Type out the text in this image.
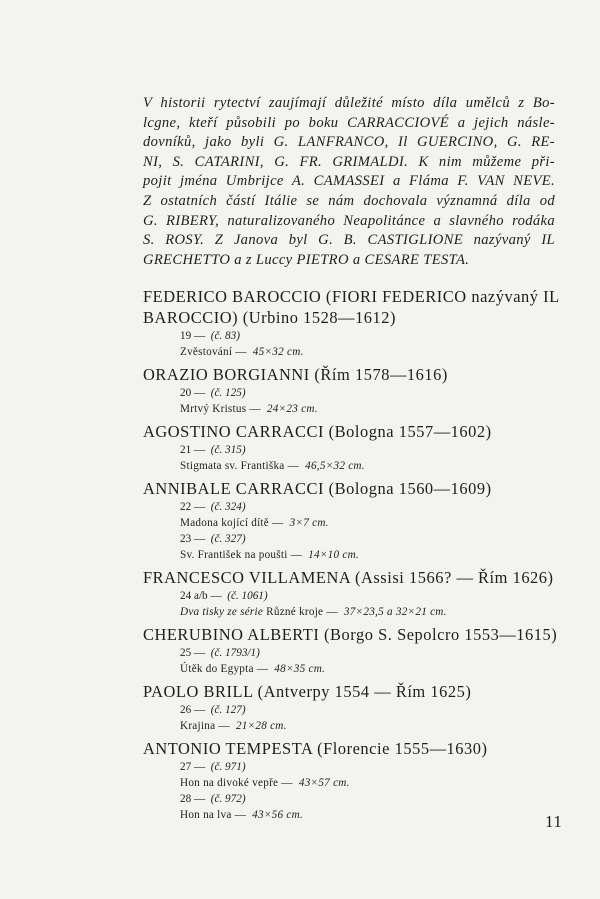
V historii rytectví zaujímají důležité místo díla umělců z Bo-
lcgne, kteří působili po boku CARRACCIOVÉ a jejich násle-
dovníků, jako byli G. LANFRANCO, Il GUERCINO, G. RE-
NI, S. CATARINI, G. FR. GRIMALDI. K nim můžeme při-
pojit jména Umbrijce A. CAMASSEI a Fláma F. VAN NEVE.
Z ostatních částí Itálie se nám dochovala významná díla od
G. RIBERY, naturalizovaného Neapolitánce a slavného rodáka
S. ROSY. Z Janova byl G. B. CASTIGLIONE nazývaný IL
GRECHETTO a z Luccy PIETRO a CESARE TESTA.
FEDERICO BAROCCIO (FIORI FEDERICO nazývaný IL
BAROCCIO) (Urbino 1528—1612)
19 — (č. 83)
Zvěstování — 45×32 cm.
ORAZIO BORGIANNI (Řím 1578—1616)
20 — (č. 125)
Mrtvý Kristus — 24×23 cm.
AGOSTINO CARRACCI (Bologna 1557—1602)
21 — (č. 315)
Stigmata sv. Františka — 46,5×32 cm.
ANNIBALE CARRACCI (Bologna 1560—1609)
22 — (č. 324)
Madona kojící dítě — 3×7 cm.
23 — (č. 327)
Sv. František na poušti — 14×10 cm.
FRANCESCO VILLAMENA (Assisi 1566? — Řím 1626)
24 a/b — (č. 1061)
Dva tisky ze série Různé kroje — 37×23,5 a 32×21 cm.
CHERUBINO ALBERTI (Borgo S. Sepolcro 1553—1615)
25 — (č. 1793/1)
Útěk do Egypta — 48×35 cm.
PAOLO BRILL (Antverpy 1554 — Řím 1625)
26 — (č. 127)
Krajina — 21×28 cm.
ANTONIO TEMPESTA (Florencie 1555—1630)
27 — (č. 971)
Hon na divoké vepře — 43×57 cm.
28 — (č. 972)
Hon na lva — 43×56 cm.	11
